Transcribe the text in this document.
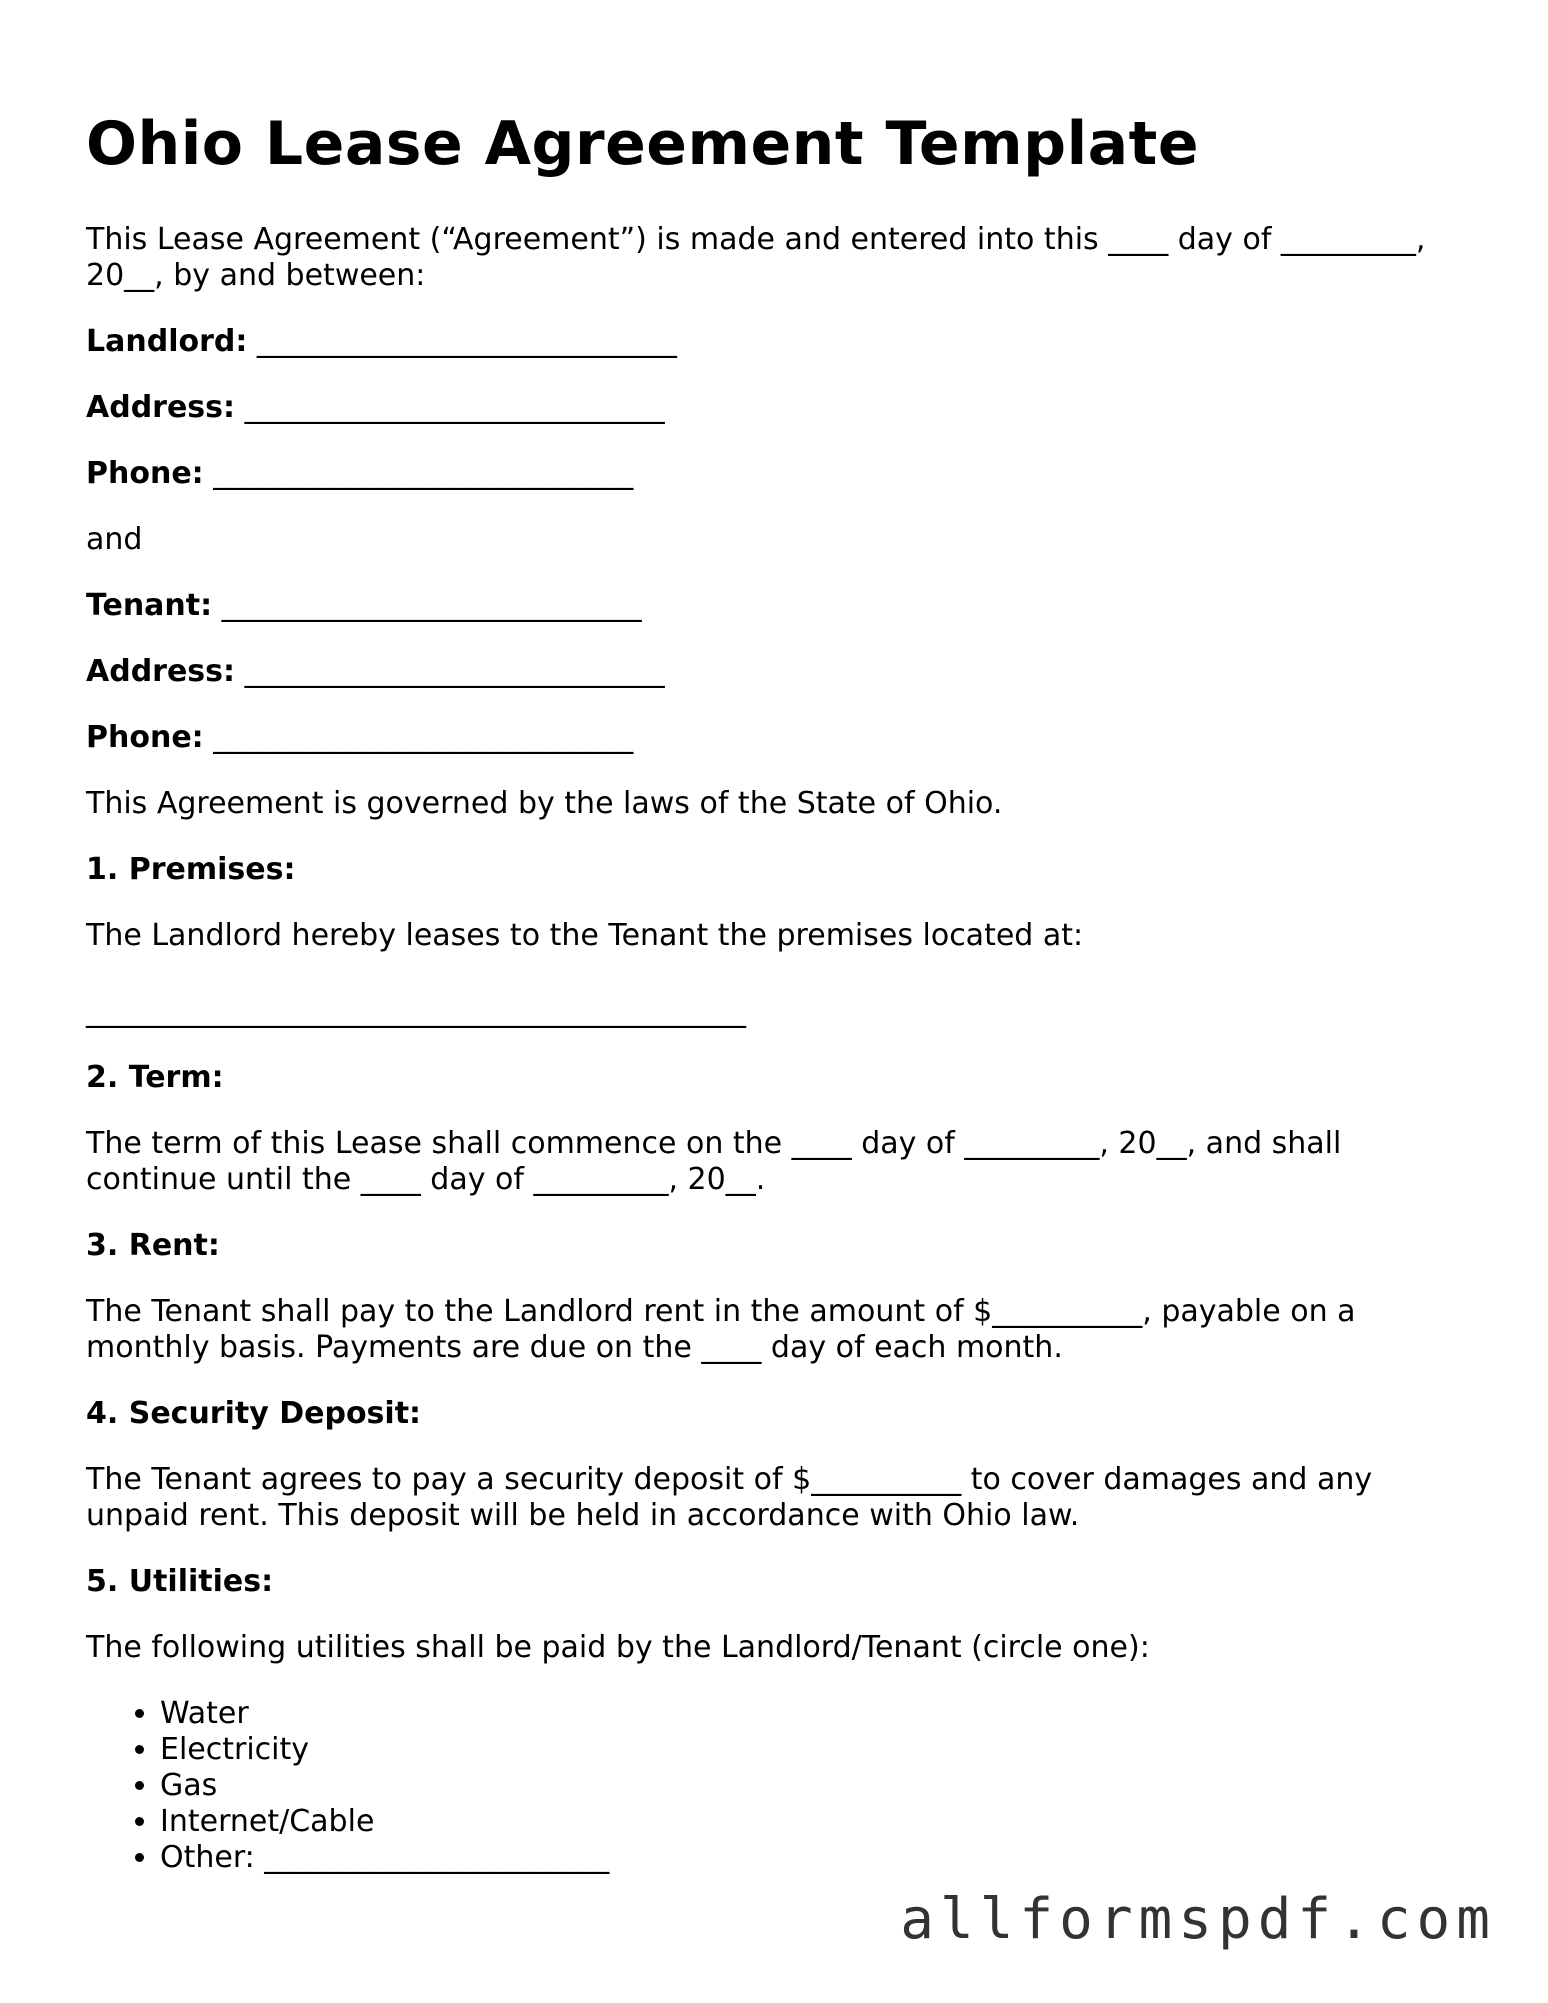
Ohio Lease Agreement Template

This Lease Agreement (“Agreement”) is made and entered into this ____ day of _________, 20__, by and between:

Landlord: ____________________________

Address: ____________________________

Phone: ____________________________

and

Tenant: ____________________________

Address: ____________________________

Phone: ____________________________

This Agreement is governed by the laws of the State of Ohio.

1. Premises:

The Landlord hereby leases to the Tenant the premises located at:

____________________________________________

2. Term:

The term of this Lease shall commence on the ____ day of _________, 20__, and shall continue until the ____ day of _________, 20__.

3. Rent:

The Tenant shall pay to the Landlord rent in the amount of $__________, payable on a monthly basis. Payments are due on the ____ day of each month.

4. Security Deposit:

The Tenant agrees to pay a security deposit of $__________ to cover damages and any unpaid rent. This deposit will be held in accordance with Ohio law.

5. Utilities:

The following utilities shall be paid by the Landlord/Tenant (circle one):

• Water
• Electricity
• Gas
• Internet/Cable
• Other: _______________________
allformspdf.com
